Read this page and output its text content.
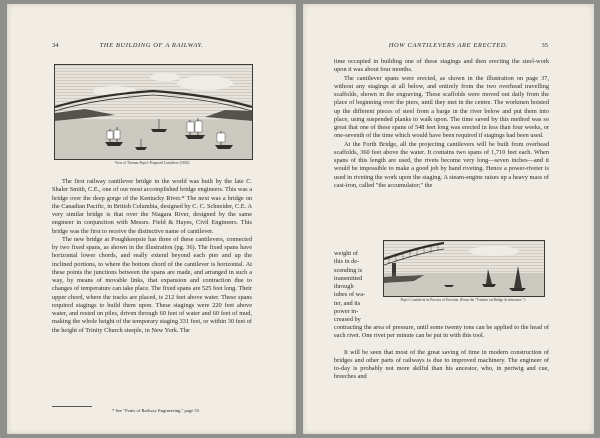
34	THE BUILDING OF A RAILWAY.
View of Thomas Pope's Proposed Cantilever (1810).

The first railway cantilever bridge in the world was built by the late C. Shaler Smith, C.E., one of our most accomplished bridge engineers. This was a bridge over the deep gorge of the Kentucky River.* The next was a bridge on the Canadian Pacific, in British Columbia, designed by C. C. Schneider, C.E. A very similar bridge is that over the Niagara River, designed by the same engineer in conjunction with Messrs. Field & Hayes, Civil Engineers. This bridge was the first to receive the distinctive name of cantilever.

The new bridge at Poughkeepsie has three of these cantilevers, connected by two fixed spans, as shown in the illustration (pg. 36). The fixed spans have horizontal lower chords, and really extend beyond each pier and up the inclined portions, to where the bottom chord of the cantilever is horizontal. At these points the junctions between the spans are made, and arranged in such a way, by means of movable links, that expansion and contraction due to changes of temperature can take place. The fixed spans are 525 feet long. Their upper chord, where the tracks are placed, is 212 feet above water. These spans required stagings to build them upon. These stagings were 220 feet above water, and rested on piles, driven through 60 feet of water and 60 feet of mud, making the whole height of the temporary staging 331 feet, or within 30 feet of the height of Trinity Church steeple, in New York. The

* See "Fonts of Railway Engineering," page 55.
HOW CANTILEVERS ARE ERECTED.	35

time occupied in building one of these stagings and then erecting the steel-work upon it was about four months.

The cantilever spans were erected, as shown in the illustration on page 37, without any stagings at all below, and entirely from the two overhead travelling scaffolds, shown in the engraving. These scaffolds were moved out daily from the place of beginning over the piers, until they met in the centre. The workmen hoisted up the different pieces of steel from a barge in the river below and put them into place, using suspended planks to walk upon. The time saved by this method was so great that one of these spans of 548 feet long was erected in less than four weeks, or one-seventh of the time which would have been required if stagings had been used.

At the Forth Bridge, all the projecting cantilevers will be built from overhead scaffolds, 360 feet above the water. It contains two spans of 1,710 feet each. When spans of this length are used, the rivets become very long—seven inches—and it would be impossible to make a good job by hand riveting. Hence a power-riveter is used in riveting the work upon the staging. A steam-engine raises up a heavy mass of cast-iron, called "the accumulator;" the

weight of
this in de-
scending is
transmitted
through
tubes of wa-
ter, and its
power in-
creased by
Pope's Cantilever in Process of Erection. (From the "Treatise on Bridge Architecture.")

contracting the area of pressure, until some twenty tons can be applied to the head of each rivet. One rivet per minute can be put in with this tool.

It will be seen that most of the great saving of time in modern construction of bridges and other parts of railways is due to improved machinery. The engineer of to-day is probably not more skilful than his ancestor, who, in periwig and cue, breeches and
